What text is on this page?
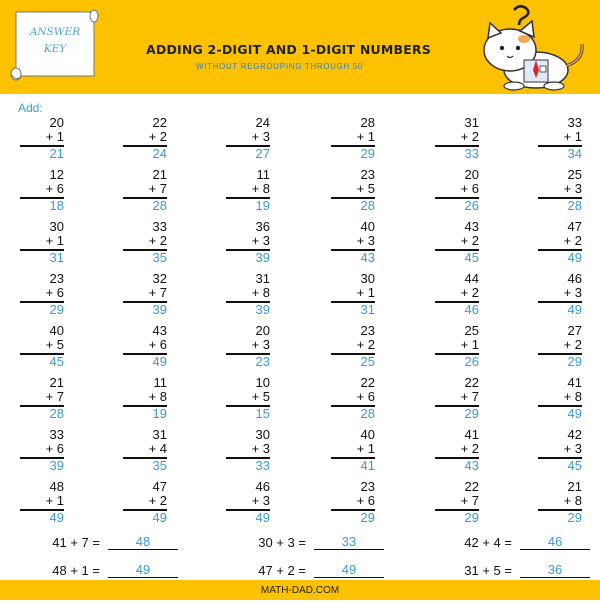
ANSWER
KEY	ADDING 2-DIGIT AND 1-DIGIT NUMBERS
WITHOUT REGROUPING THROUGH 50
Add:
20
+ 1
21
22
+ 2
24
24
+ 3
27
28
+ 1
29
31
+ 2
33
33
+ 1
34
12
+ 6
18
21
+ 7
28
11
+ 8
19
23
+ 5
28
20
+ 6
26
25
+ 3
28
30
+ 1
31
33
+ 2
35
36
+ 3
39
40
+ 3
43
43
+ 2
45
47
+ 2
49
23
+ 6
29
32
+ 7
39
31
+ 8
39
30
+ 1
31
44
+ 2
46
46
+ 3
49
40
+ 5
45
43
+ 6
49
20
+ 3
23
23
+ 2
25
25
+ 1
26
27
+ 2
29
21
+ 7
28
11
+ 8
19
10
+ 5
15
22
+ 6
28
22
+ 7
29
41
+ 8
49
33
+ 6
39
31
+ 4
35
30
+ 3
33
40
+ 1
41
41
+ 2
43
42
+ 3
45
48
+ 1
49
47
+ 2
49
46
+ 3
49
23
+ 6
29
22
+ 7
29
21
+ 8
29
41 + 7 =	48	30 + 3 =	33	42 + 4 =	46
48 + 1 =	49	47 + 2 =	49	31 + 5 =	36
MATH-DAD.COM
